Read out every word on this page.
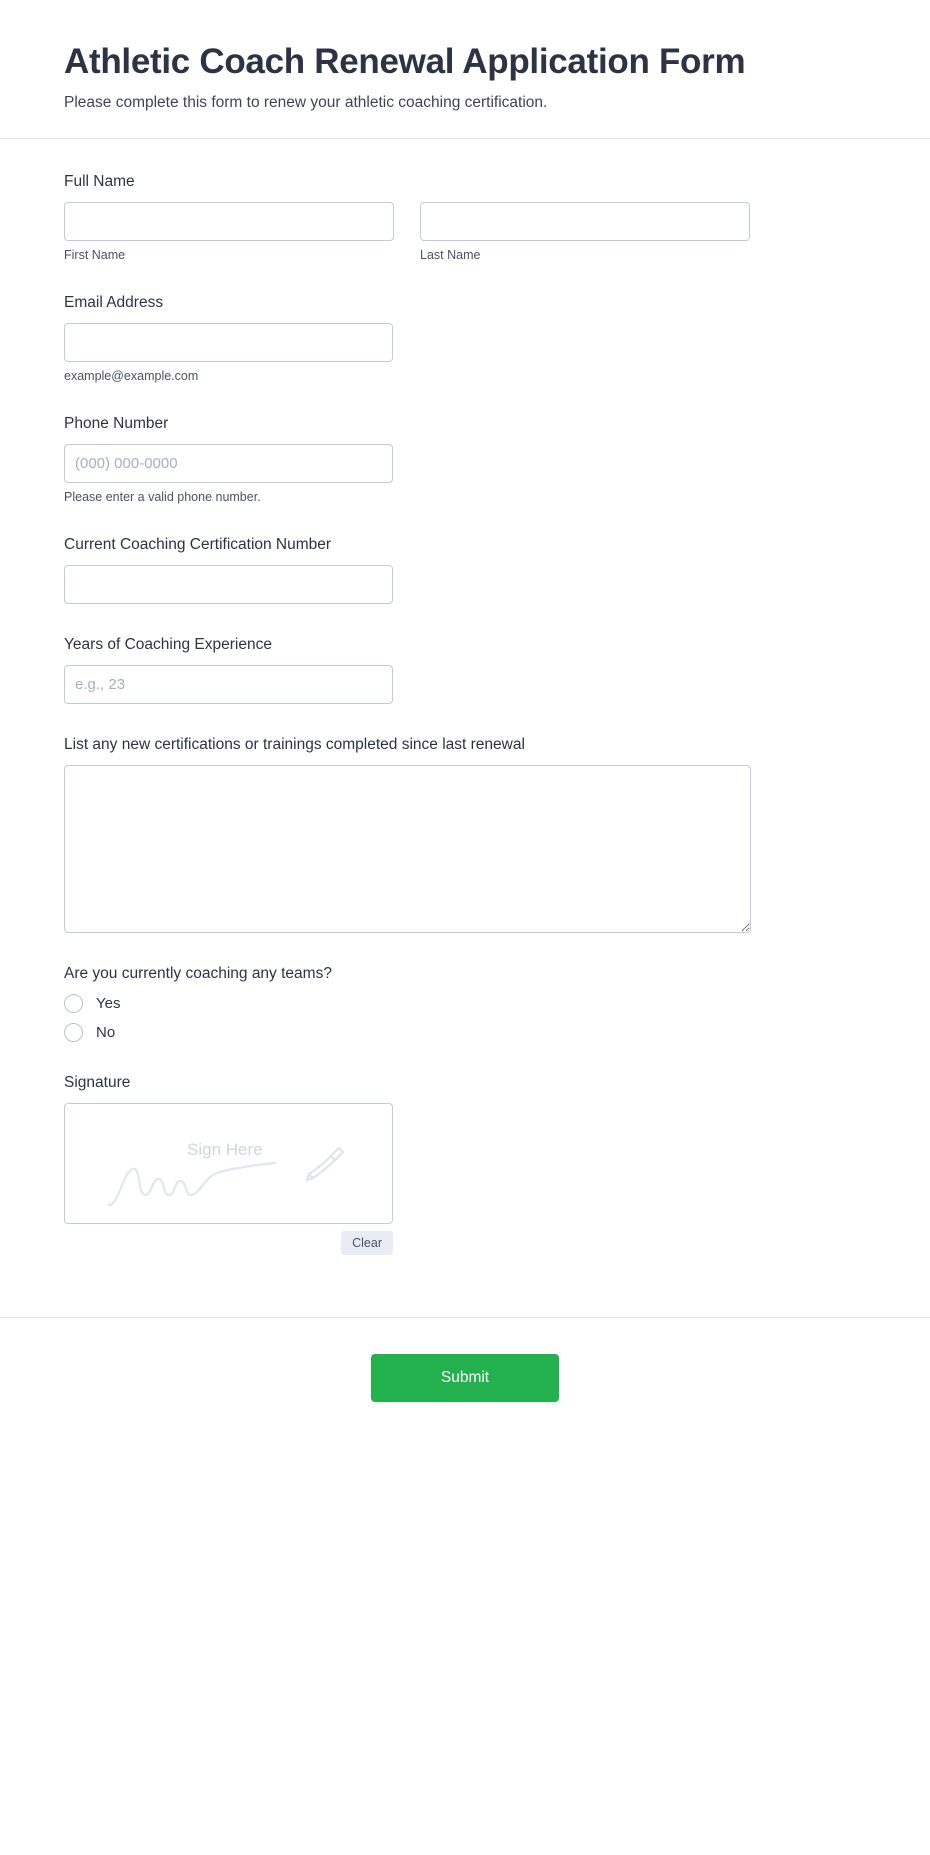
Athletic Coach Renewal Application Form

Please complete this form to renew your athletic coaching certification.

Full Name
First Name	Last Name
Email Address
example@example.com
Phone Number
(000) 000-0000
Please enter a valid phone number.
Current Coaching Certification Number
Years of Coaching Experience
e.g., 23
List any new certifications or trainings completed since last renewal
Are you currently coaching any teams?
Yes
No
Signature
Sign Here
Clear
Submit
